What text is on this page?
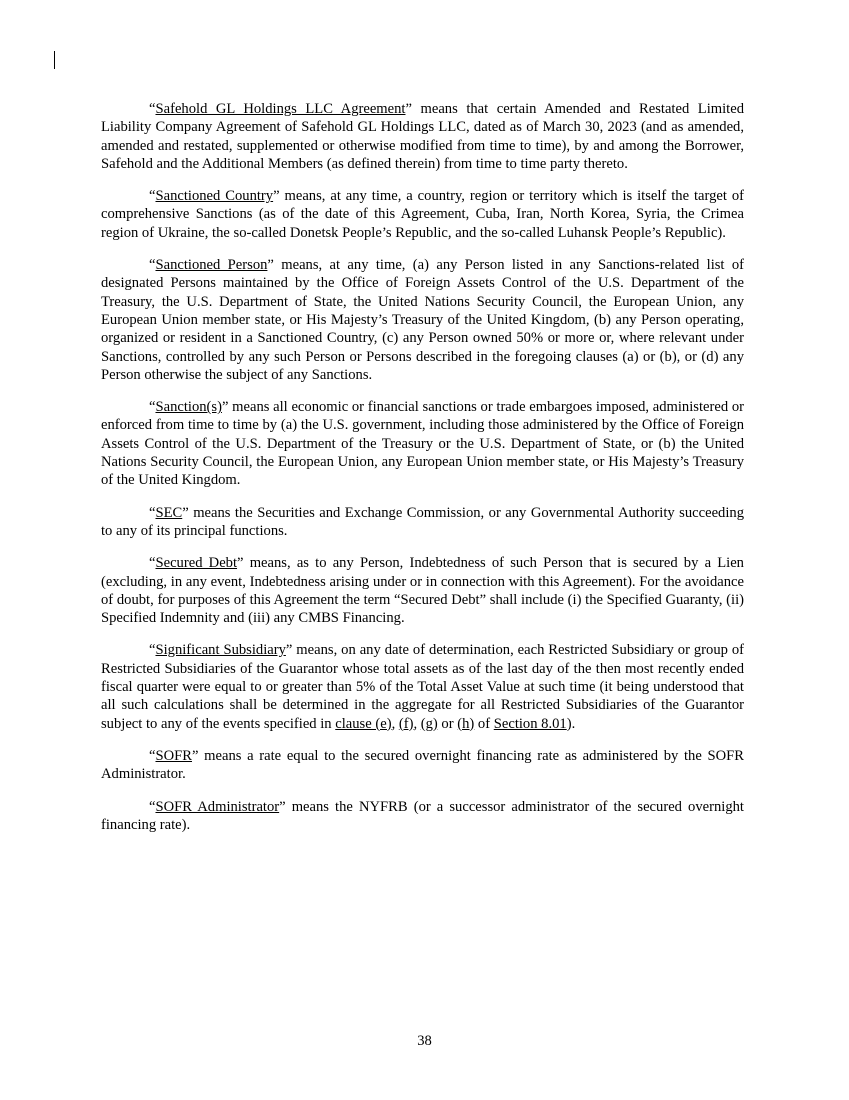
“Safehold GL Holdings LLC Agreement” means that certain Amended and Restated Limited Liability Company Agreement of Safehold GL Holdings LLC, dated as of March 30, 2023 (and as amended, amended and restated, supplemented or otherwise modified from time to time), by and among the Borrower, Safehold and the Additional Members (as defined therein) from time to time party thereto.

“Sanctioned Country” means, at any time, a country, region or territory which is itself the target of comprehensive Sanctions (as of the date of this Agreement, Cuba, Iran, North Korea, Syria, the Crimea region of Ukraine, the so-called Donetsk People’s Republic, and the so-called Luhansk People’s Republic).

“Sanctioned Person” means, at any time, (a) any Person listed in any Sanctions-related list of designated Persons maintained by the Office of Foreign Assets Control of the U.S. Department of the Treasury, the U.S. Department of State, the United Nations Security Council, the European Union, any European Union member state, or His Majesty’s Treasury of the United Kingdom, (b) any Person operating, organized or resident in a Sanctioned Country, (c) any Person owned 50% or more or, where relevant under Sanctions, controlled by any such Person or Persons described in the foregoing clauses (a) or (b), or (d) any Person otherwise the subject of any Sanctions.

“Sanction(s)” means all economic or financial sanctions or trade embargoes imposed, administered or enforced from time to time by (a) the U.S. government, including those administered by the Office of Foreign Assets Control of the U.S. Department of the Treasury or the U.S. Department of State, or (b) the United Nations Security Council, the European Union, any European Union member state, or His Majesty’s Treasury of the United Kingdom.

“SEC” means the Securities and Exchange Commission, or any Governmental Authority succeeding to any of its principal functions.

“Secured Debt” means, as to any Person, Indebtedness of such Person that is secured by a Lien (excluding, in any event, Indebtedness arising under or in connection with this Agreement). For the avoidance of doubt, for purposes of this Agreement the term “Secured Debt” shall include (i) the Specified Guaranty, (ii) Specified Indemnity and (iii) any CMBS Financing.

“Significant Subsidiary” means, on any date of determination, each Restricted Subsidiary or group of Restricted Subsidiaries of the Guarantor whose total assets as of the last day of the then most recently ended fiscal quarter were equal to or greater than 5% of the Total Asset Value at such time (it being understood that all such calculations shall be determined in the aggregate for all Restricted Subsidiaries of the Guarantor subject to any of the events specified in clause (e), (f), (g) or (h) of Section 8.01).

“SOFR” means a rate equal to the secured overnight financing rate as administered by the SOFR Administrator.

“SOFR Administrator” means the NYFRB (or a successor administrator of the secured overnight financing rate).

38
